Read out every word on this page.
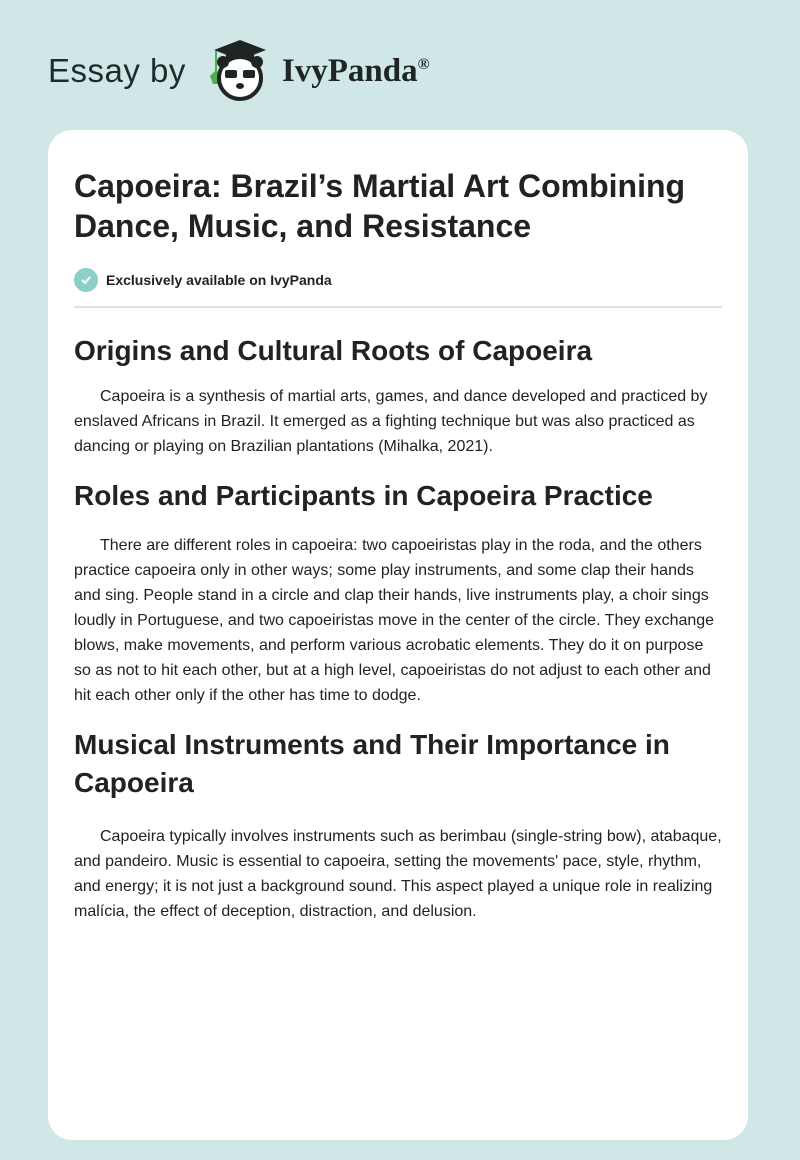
Essay by	IvyPanda®
Capoeira: Brazil’s Martial Art Combining Dance, Music, and Resistance
Exclusively available on IvyPanda
Origins and Cultural Roots of Capoeira

Capoeira is a synthesis of martial arts, games, and dance developed and practiced by enslaved Africans in Brazil. It emerged as a fighting technique but was also practiced as dancing or playing on Brazilian plantations (Mihalka, 2021).

Roles and Participants in Capoeira Practice

There are different roles in capoeira: two capoeiristas play in the roda, and the others practice capoeira only in other ways; some play instruments, and some clap their hands and sing. People stand in a circle and clap their hands, live instruments play, a choir sings loudly in Portuguese, and two capoeiristas move in the center of the circle. They exchange blows, make movements, and perform various acrobatic elements. They do it on purpose so as not to hit each other, but at a high level, capoeiristas do not adjust to each other and hit each other only if the other has time to dodge.

Musical Instruments and Their Importance in Capoeira

Capoeira typically involves instruments such as berimbau (single-string bow), atabaque, and pandeiro. Music is essential to capoeira, setting the movements' pace, style, rhythm, and energy; it is not just a background sound. This aspect played a unique role in realizing malícia, the effect of deception, distraction, and delusion.
